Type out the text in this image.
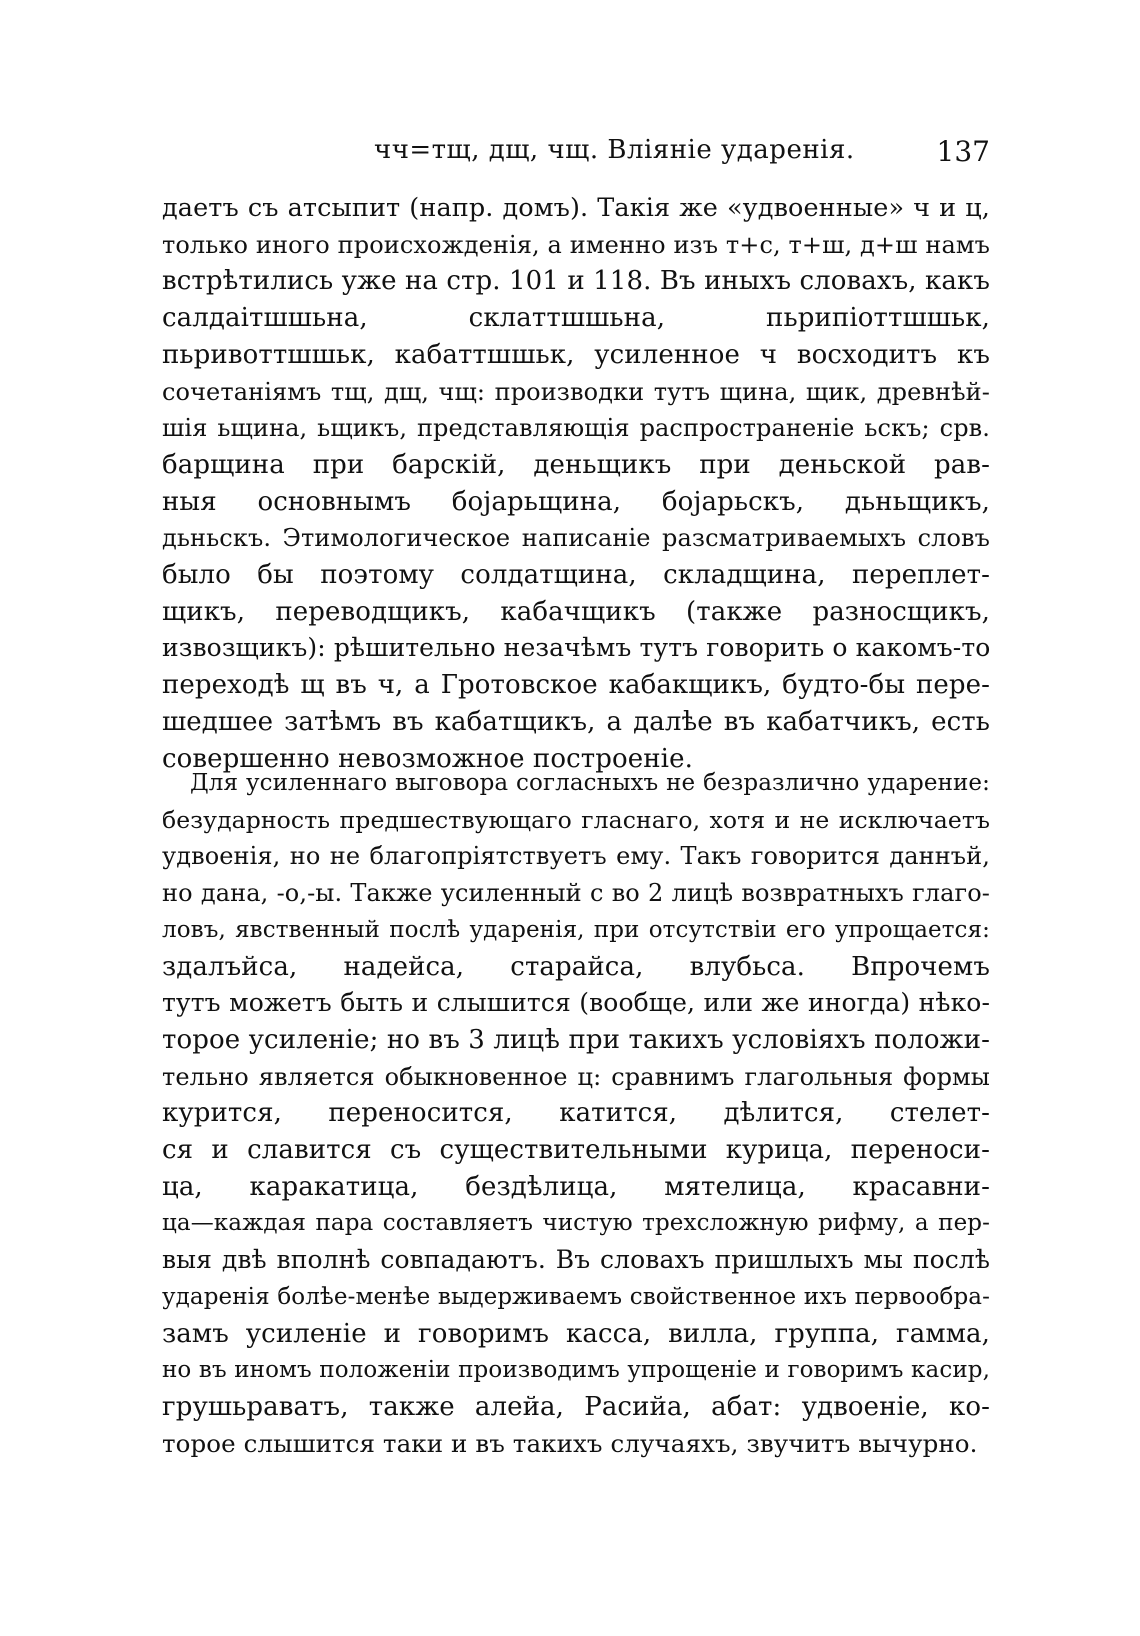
чч=тщ, дщ, чщ. Вліяніе ударенія.	137
даетъ съ атсыпит (напр. домъ). Такія же «удвоенные» ч и ц,
только иного происхожденія, а именно изъ т+с, т+ш, д+ш намъ
встрѣтились уже на стр. 101 и 118. Въ иныхъ словахъ, какъ
салдаітшшьна, склаттшшьна, пьрипіоттшшьк,
пьривоттшшьк, кабаттшшьк, усиленное ч восходитъ къ
сочетаніямъ тщ, дщ, чщ: производки тутъ щина, щик, древнѣй-
шія ьщина, ьщикъ, представляющія распространеніе ьскъ; срв.
барщина при барскій, деньщикъ при деньской рав-
ныя основнымъ бојарьщина, бојарьскъ, дьньщикъ,
дьньскъ. Этимологическое написаніе разсматриваемыхъ словъ
было бы поэтому солдатщина, складщина, переплет-
щикъ, переводщикъ, кабачщикъ (также разносщикъ,
извозщикъ): рѣшительно незачѣмъ тутъ говорить о какомъ-то
переходѣ щ въ ч, а Гротовское кабакщикъ, будто-бы пере-
шедшее затѣмъ въ кабатщикъ, а далѣе въ кабатчикъ, есть
совершенно невозможное построеніе.
Для усиленнаго выговора согласныхъ не безразлично ударение:
безударность предшествующаго гласнаго, хотя и не исключаетъ
удвоенія, но не благопріятствуетъ ему. Такъ говорится даннъй,
но дана, -о,-ы. Также усиленный с во 2 лицѣ возвратныхъ глаго-
ловъ, явственный послѣ ударенія, при отсутствіи его упрощается:
здалъйса, надейса, старайса, влубьса. Впрочемъ
тутъ можетъ быть и слышится (вообще, или же иногда) нѣко-
торое усиленіе; но въ 3 лицѣ при такихъ условіяхъ положи-
тельно является обыкновенное ц: сравнимъ глагольныя формы
курится, переносится, катится, дѣлится, стелет-
ся и славится съ существительными курица, переноси-
ца, каракатица, бездѣлица, мятелица, красавни-
ца—каждая пара составляетъ чистую трехсложную рифму, а пер-
выя двѣ вполнѣ совпадаютъ. Въ словахъ пришлыхъ мы послѣ
ударенія болѣе-менѣе выдерживаемъ свойственное ихъ первообра-
замъ усиленіе и говоримъ касса, вилла, группа, гамма,
но въ иномъ положеніи производимъ упрощеніе и говоримъ касир,
грушьраватъ, также алейа, Расийа, абат: удвоеніе, ко-
торое слышится таки и въ такихъ случаяхъ, звучитъ вычурно.
